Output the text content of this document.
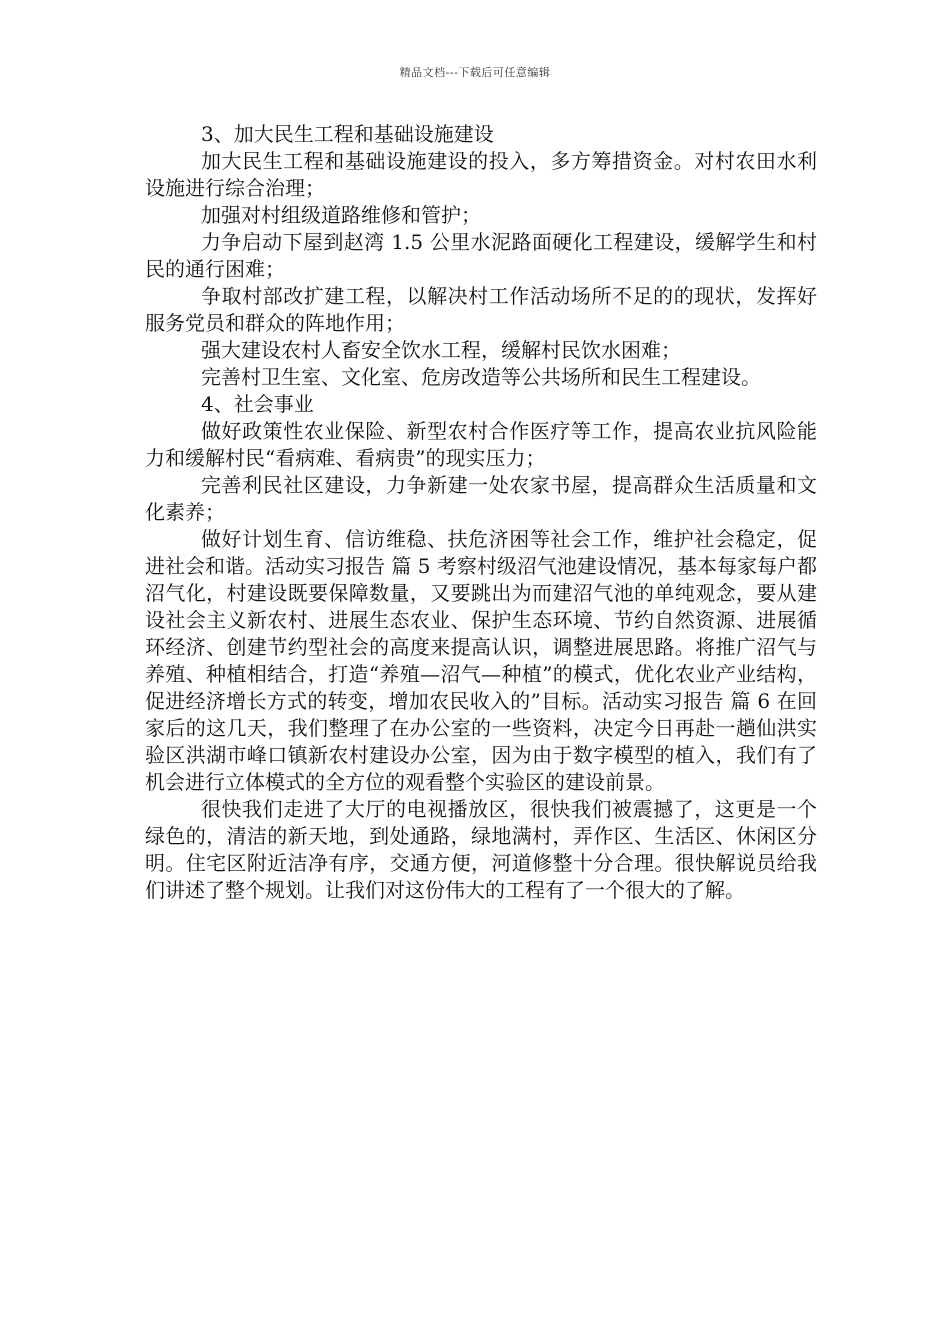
精品文档---下载后可任意编辑

3、加大民生工程和基础设施建设

加大民生工程和基础设施建设的投入，多方筹措资金。对村农田水利设施进行综合治理；

加强对村组级道路维修和管护；

力争启动下屋到赵湾 1.5 公里水泥路面硬化工程建设，缓解学生和村民的通行困难；

争取村部改扩建工程，以解决村工作活动场所不足的的现状，发挥好服务党员和群众的阵地作用；

强大建设农村人畜安全饮水工程，缓解村民饮水困难；

完善村卫生室、文化室、危房改造等公共场所和民生工程建设。

4、社会事业

做好政策性农业保险、新型农村合作医疗等工作，提高农业抗风险能力和缓解村民“看病难、看病贵”的现实压力；

完善利民社区建设，力争新建一处农家书屋，提高群众生活质量和文化素养；

做好计划生育、信访维稳、扶危济困等社会工作，维护社会稳定，促进社会和谐。活动实习报告 篇 5 考察村级沼气池建设情况，基本每家每户都沼气化，村建设既要保障数量，又要跳出为而建沼气池的单纯观念，要从建设社会主义新农村、进展生态农业、保护生态环境、节约自然资源、进展循环经济、创建节约型社会的高度来提高认识，调整进展思路。将推广沼气与养殖、种植相结合，打造“养殖—沼气—种植”的模式，优化农业产业结构，促进经济增长方式的转变，增加农民收入的”目标。活动实习报告 篇 6 在回家后的这几天，我们整理了在办公室的一些资料，决定今日再赴一趟仙洪实验区洪湖市峰口镇新农村建设办公室，因为由于数字模型的植入，我们有了机会进行立体模式的全方位的观看整个实验区的建设前景。

很快我们走进了大厅的电视播放区，很快我们被震撼了，这更是一个绿色的，清洁的新天地，到处通路，绿地满村，弄作区、生活区、休闲区分明。住宅区附近洁净有序，交通方便，河道修整十分合理。很快解说员给我们讲述了整个规划。让我们对这份伟大的工程有了一个很大的了解。
